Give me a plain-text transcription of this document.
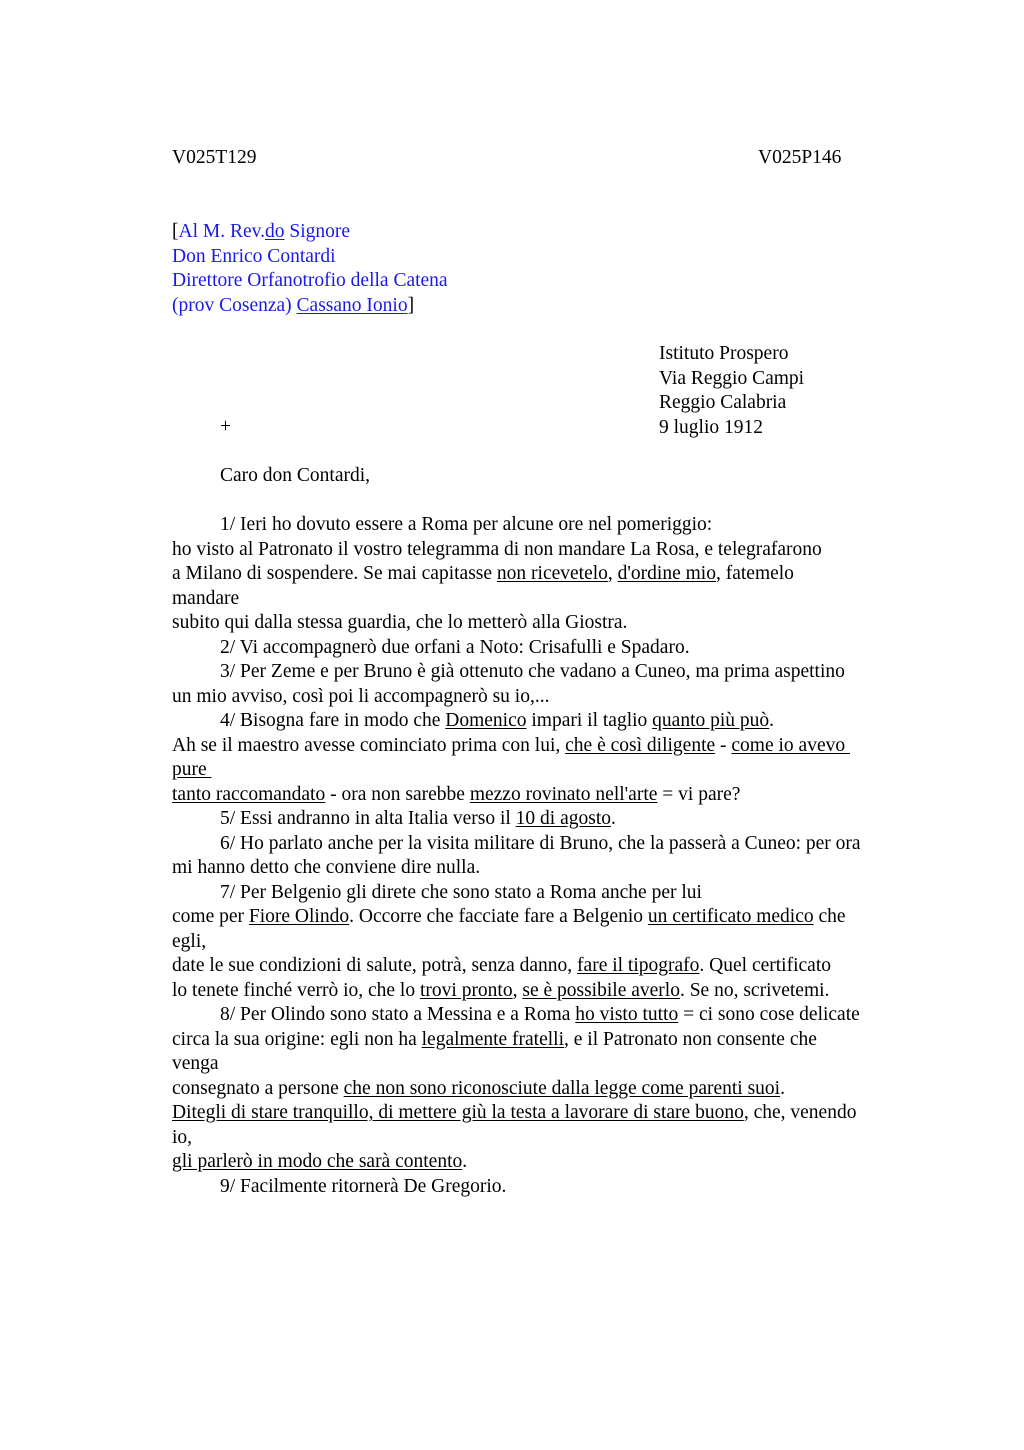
V025T129	V025P146
[Al M. Rev.do Signore
Don Enrico Contardi
Direttore Orfanotrofio della Catena
(prov Cosenza) Cassano Ionio]
Istituto Prospero
Via Reggio Campi
Reggio Calabria
9 luglio 1912
+
Caro don Contardi,
1/ Ieri ho dovuto essere a Roma per alcune ore nel pomeriggio:
ho visto al Patronato il vostro telegramma di non mandare La Rosa, e telegrafarono
a Milano di sospendere. Se mai capitasse non ricevetelo, d'ordine mio, fatemelo
mandare
subito qui dalla stessa guardia, che lo metterò alla Giostra.
2/ Vi accompagnerò due orfani a Noto: Crisafulli e Spadaro.
3/ Per Zeme e per Bruno è già ottenuto che vadano a Cuneo, ma prima aspettino
un mio avviso, così poi li accompagnerò su io,...
4/ Bisogna fare in modo che Domenico impari il taglio quanto più può.
Ah se il maestro avesse cominciato prima con lui, che è così diligente - come io avevo
pure
tanto raccomandato - ora non sarebbe mezzo rovinato nell'arte = vi pare?
5/ Essi andranno in alta Italia verso il 10 di agosto.
6/ Ho parlato anche per la visita militare di Bruno, che la passerà a Cuneo: per ora
mi hanno detto che conviene dire nulla.
7/ Per Belgenio gli direte che sono stato a Roma anche per lui
come per Fiore Olindo. Occorre che facciate fare a Belgenio un certificato medico che
egli,
date le sue condizioni di salute, potrà, senza danno, fare il tipografo. Quel certificato
lo tenete finché verrò io, che lo trovi pronto, se è possibile averlo. Se no, scrivetemi.
8/ Per Olindo sono stato a Messina e a Roma ho visto tutto = ci sono cose delicate
circa la sua origine: egli non ha legalmente fratelli, e il Patronato non consente che
venga
consegnato a persone che non sono riconosciute dalla legge come parenti suoi.
Ditegli di stare tranquillo, di mettere giù la testa a lavorare di stare buono, che, venendo
io,
gli parlerò in modo che sarà contento.
9/ Facilmente ritornerà De Gregorio.
